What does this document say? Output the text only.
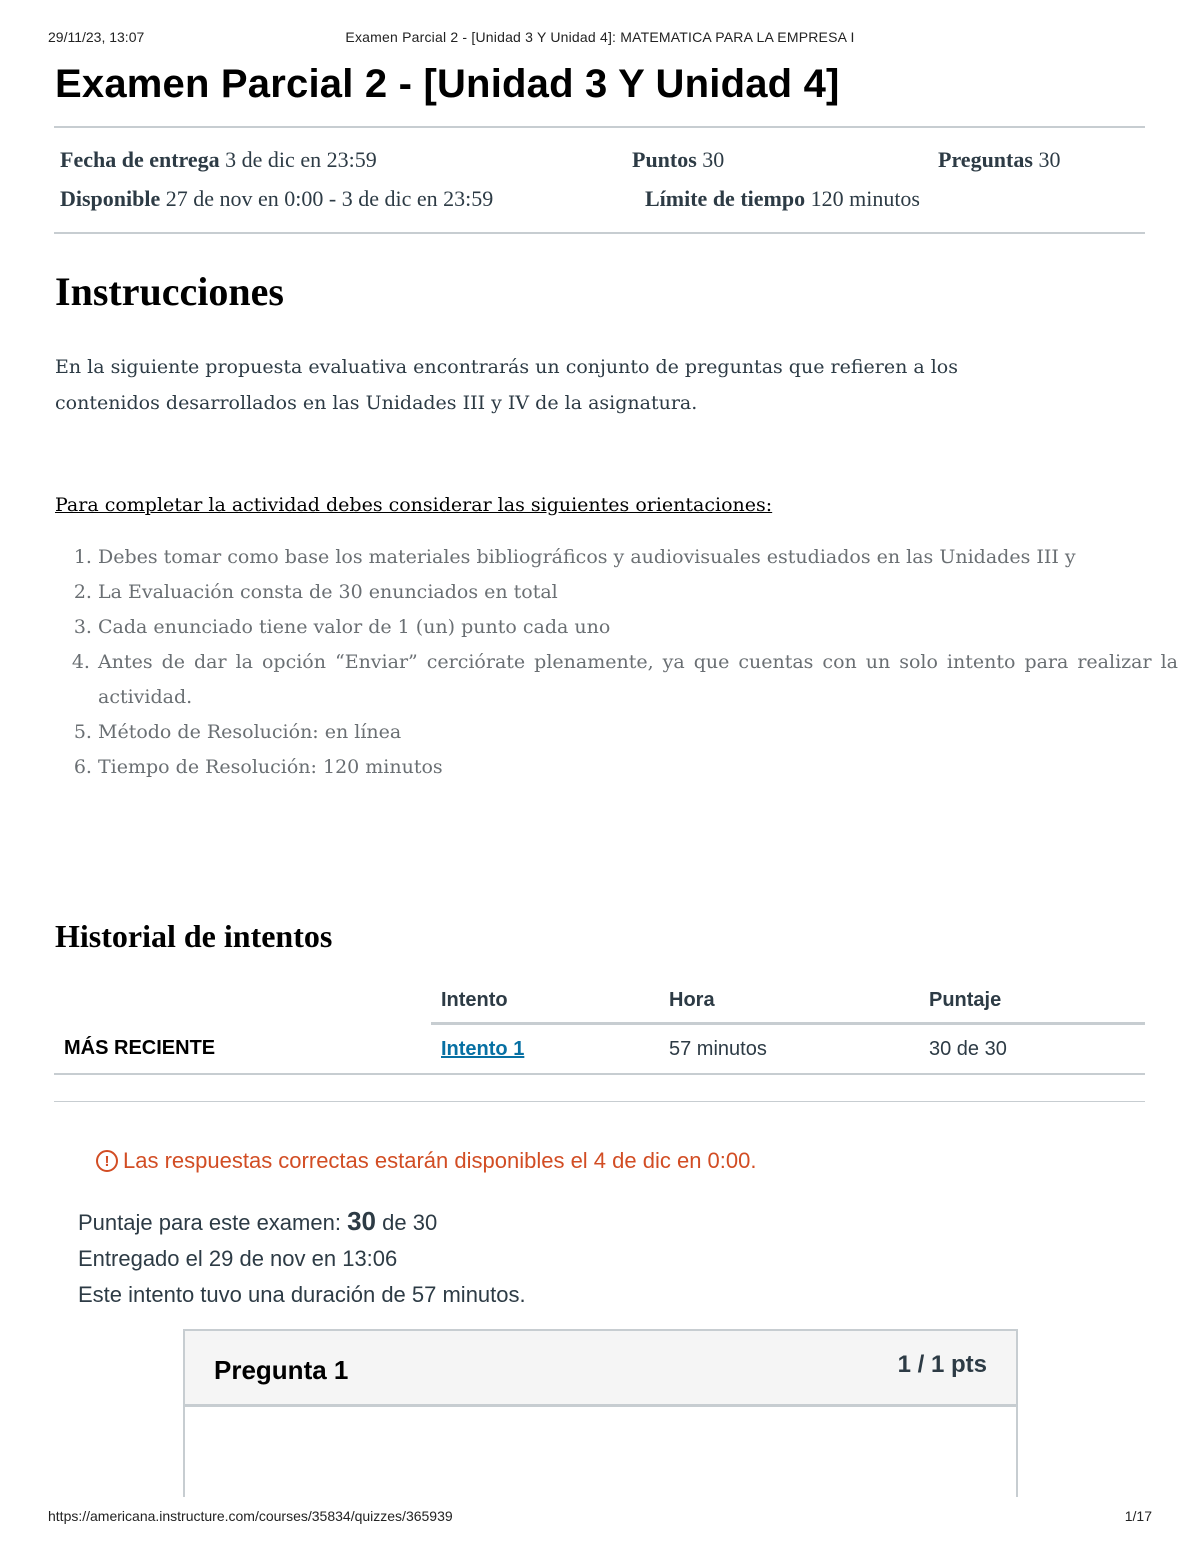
29/11/23, 13:07	Examen Parcial 2 - [Unidad 3 Y Unidad 4]: MATEMATICA PARA LA EMPRESA I
Examen Parcial 2 - [Unidad 3 Y Unidad 4]
Fecha de entrega 3 de dic en 23:59	Puntos 30	Preguntas 30
Disponible 27 de nov en 0:00 - 3 de dic en 23:59	Límite de tiempo 120 minutos
Instrucciones
En la siguiente propuesta evaluativa encontrarás un conjunto de preguntas que refieren a los contenidos desarrollados en las Unidades III y IV de la asignatura.
Para completar la actividad debes considerar las siguientes orientaciones:
1. Debes tomar como base los materiales bibliográficos y audiovisuales estudiados en las Unidades III y
2. La Evaluación consta de 30 enunciados en total
3. Cada enunciado tiene valor de 1 (un) punto cada uno
4. Antes de dar la opción “Enviar” cerciórate plenamente, ya que cuentas con un solo intento para realizar la actividad.
5. Método de Resolución: en línea
6. Tiempo de Resolución: 120 minutos
Historial de intentos
	Intento	Hora	Puntaje
MÁS RECIENTE	Intento 1	57 minutos	30 de 30
! Las respuestas correctas estarán disponibles el 4 de dic en 0:00.
Puntaje para este examen: 30 de 30
Entregado el 29 de nov en 13:06
Este intento tuvo una duración de 57 minutos.
Pregunta 1	1 / 1 pts
https://americana.instructure.com/courses/35834/quizzes/365939	1/17
